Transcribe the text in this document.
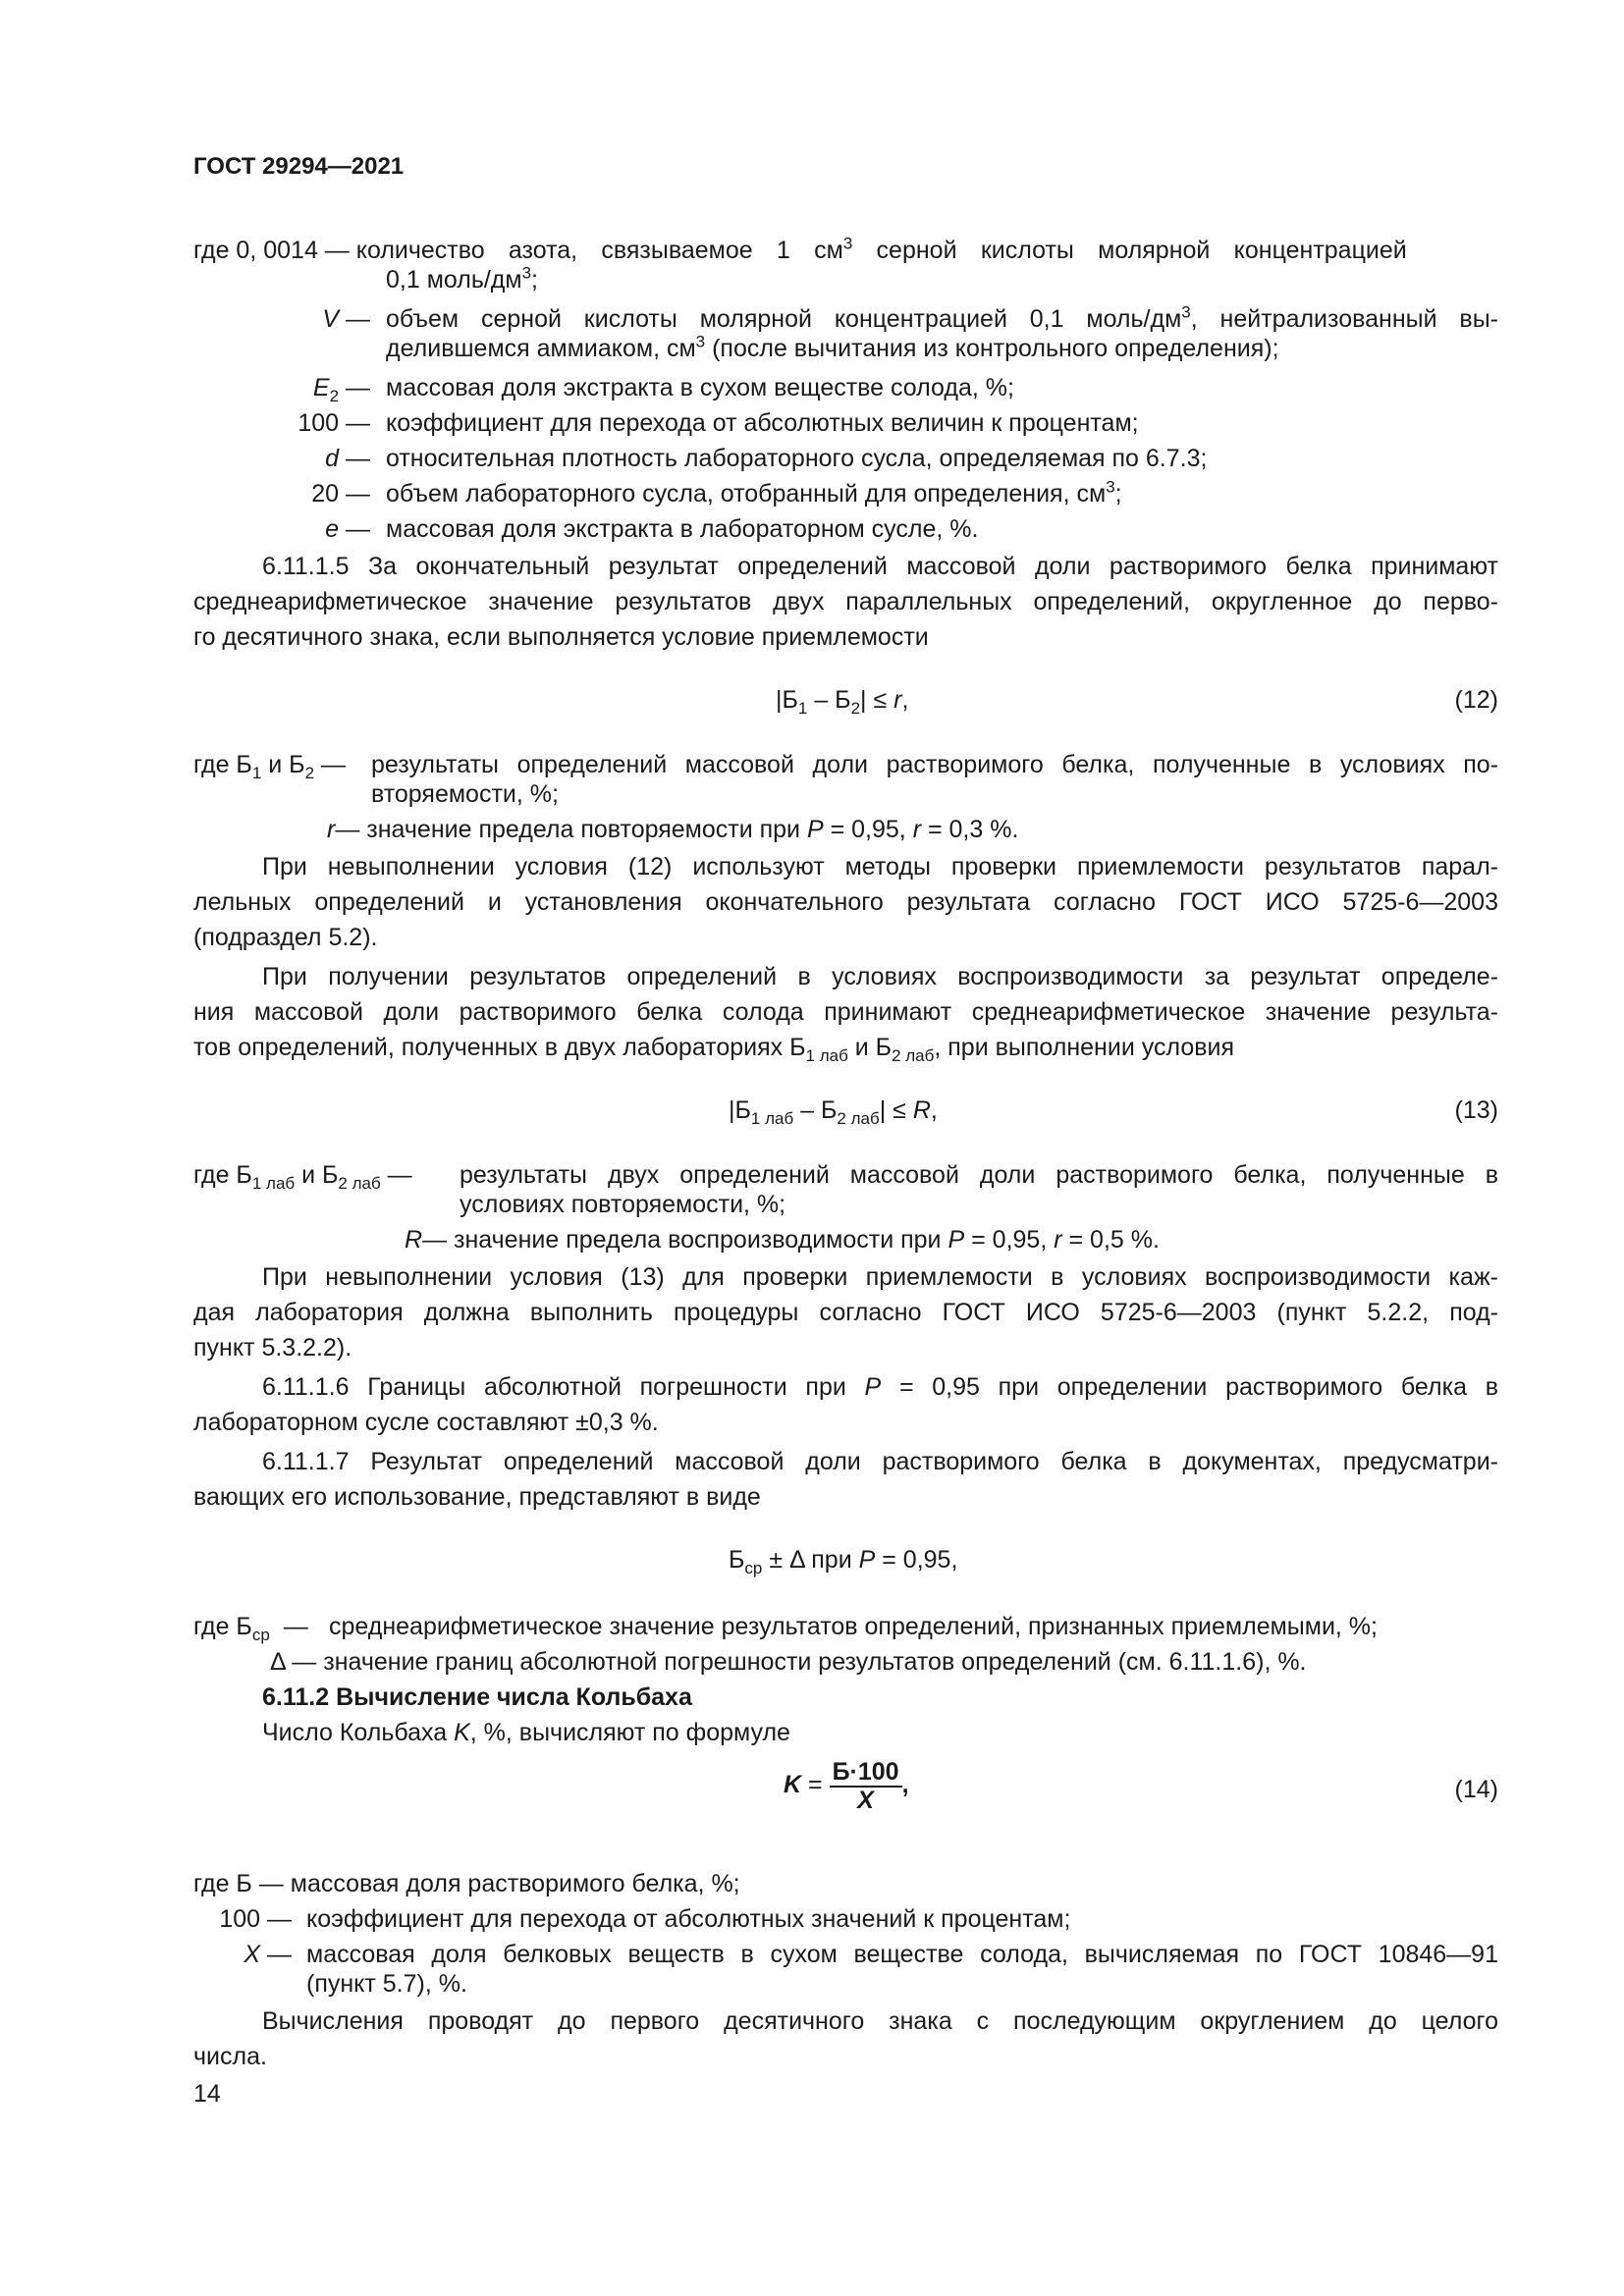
ГОСТ 29294—2021
где 0, 0014 — количество азота, связываемое 1 $см^3$ серной кислоты молярной концентрацией
0,1 моль/$дм^3$;
V — объем серной кислоты молярной концентрацией 0,1 моль/$дм^3$, нейтрализованный вы-
делившемся аммиаком, $см^3$ (после вычитания из контрольного определения);
$E_2$ — массовая доля экстракта в сухом веществе солода, %;
100 — коэффициент для перехода от абсолютных величин к процентам;
d — относительная плотность лабораторного сусла, определяемая по 6.7.3;
20 — объем лабораторного сусла, отобранный для определения, $см^3$;
e — массовая доля экстракта в лабораторном сусле, %.
6.11.1.5 За окончательный результат определений массовой доли растворимого белка принимают
среднеарифметическое значение результатов двух параллельных определений, округленное до перво-
го десятичного знака, если выполняется условие приемлемости
$|Б_1 - Б_2| \le r$,	(12)
где $Б_1$ и $Б_2$ — результаты определений массовой доли растворимого белка, полученные в условиях по-
вторяемости, %;
r— значение предела повторяемости при P = 0,95, r = 0,3 %.
При невыполнении условия (12) используют методы проверки приемлемости результатов парал-
лельных определений и установления окончательного результата согласно ГОСТ ИСО 5725-6—2003
(подраздел 5.2).
При получении результатов определений в условиях воспроизводимости за результат определе-
ния массовой доли растворимого белка солода принимают среднеарифметическое значение результа-
тов определений, полученных в двух лабораториях $Б_{1 лаб}$ и $Б_{2 лаб}$, при выполнении условия
$|Б_{1 лаб} - Б_{2 лаб}| \le R$,	(13)
где $Б_{1 лаб}$ и $Б_{2 лаб}$ — результаты двух определений массовой доли растворимого белка, полученные в
условиях повторяемости, %;
R— значение предела воспроизводимости при P = 0,95, r = 0,5 %.
При невыполнении условия (13) для проверки приемлемости в условиях воспроизводимости каж-
дая лаборатория должна выполнить процедуры согласно ГОСТ ИСО 5725-6—2003 (пункт 5.2.2, под-
пункт 5.3.2.2).
6.11.1.6 Границы абсолютной погрешности при P = 0,95 при определении растворимого белка в
лабораторном сусле составляют ±0,3 %.
6.11.1.7 Результат определений массовой доли растворимого белка в документах, предусматри-
вающих его использование, представляют в виде
$Б_{ср} \pm \Delta$ при P = 0,95,
где $Б_{ср}$ — среднеарифметическое значение результатов определений, признанных приемлемыми, %;
Δ — значение границ абсолютной погрешности результатов определений (см. 6.11.1.6), %.
6.11.2 Вычисление числа Кольбаха
Число Кольбаха K, %, вычисляют по формуле
$K = \frac{Б\cdot 100}{X}$ ,	(14)
где Б — массовая доля растворимого белка, %;
100 — коэффициент для перехода от абсолютных значений к процентам;
X — массовая доля белковых веществ в сухом веществе солода, вычисляемая по ГОСТ 10846—91
(пункт 5.7), %.
Вычисления проводят до первого десятичного знака с последующим округлением до целого
числа.
14
